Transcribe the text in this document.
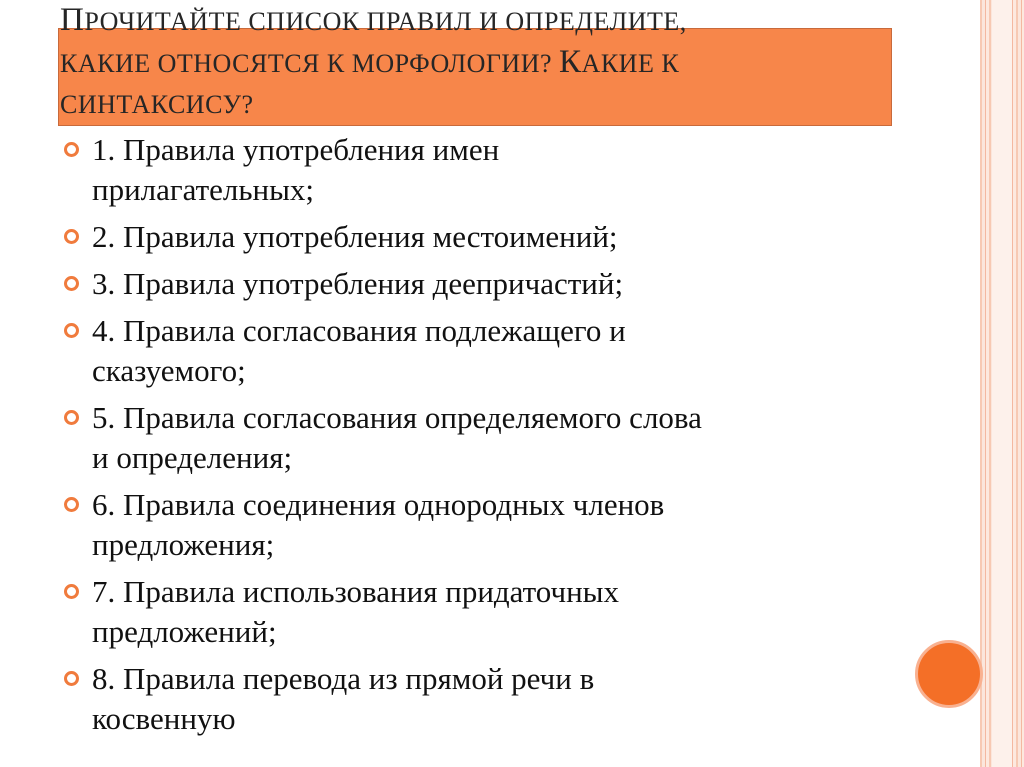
ПРОЧИТАЙТЕ СПИСОК ПРАВИЛ И ОПРЕДЕЛИТЕ,
КАКИЕ ОТНОСЯТСЯ К МОРФОЛОГИИ? КАКИЕ К
СИНТАКСИСУ?
1. Правила употребления имен
прилагательных;
2. Правила употребления местоимений;
3. Правила употребления деепричастий;
4. Правила согласования подлежащего и
сказуемого;
5. Правила согласования определяемого слова
и определения;
6. Правила соединения однородных членов
предложения;
7. Правила использования придаточных
предложений;
8. Правила перевода из прямой речи в
косвенную
